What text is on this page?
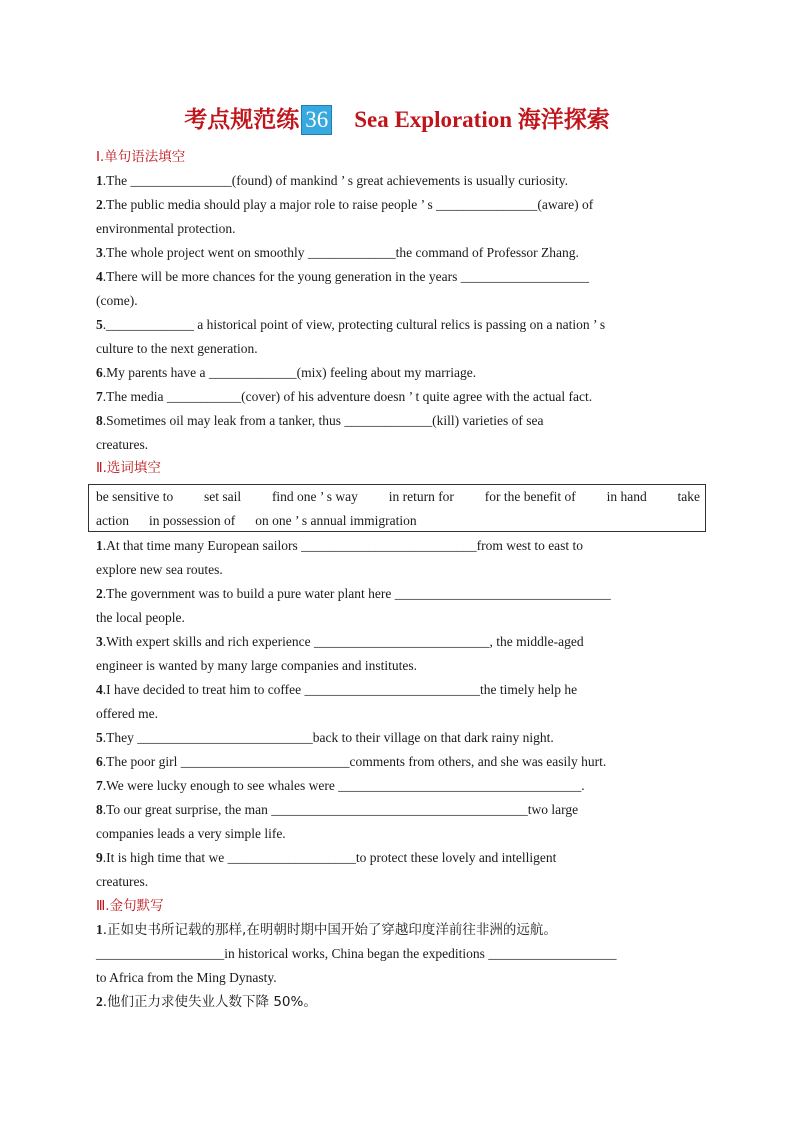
考点规范练 36 Sea Exploration 海洋探索
Ⅰ.单句语法填空
1.The _______________(found) of mankind ’ s great achievements is usually curiosity.
2.The public media should play a major role to raise people ’ s _______________(aware) of
environmental protection.
3.The whole project went on smoothly _____________the command of Professor Zhang.
4.There will be more chances for the young generation in the years ___________________
(come).
5._____________ a historical point of view, protecting cultural relics is passing on a nation ’ s
culture to the next generation.
6.My parents have a _____________(mix) feeling about my marriage.
7.The media ___________(cover) of his adventure doesn ’ t quite agree with the actual fact.
8.Sometimes oil may leak from a tanker, thus _____________(kill) varieties of sea
creatures.
Ⅱ.选词填空
be sensitive to set sail find one ’ s way in return for for the benefit of in hand take
action in possession of on one ’ s annual immigration
1.At that time many European sailors __________________________from west to east to
explore new sea routes.
2.The government was to build a pure water plant here ________________________________
the local people.
3.With expert skills and rich experience __________________________, the middle-aged
engineer is wanted by many large companies and institutes.
4.I have decided to treat him to coffee __________________________the timely help he
offered me.
5.They __________________________back to their village on that dark rainy night.
6.The poor girl _________________________comments from others, and she was easily hurt.
7.We were lucky enough to see whales were ____________________________________.
8.To our great surprise, the man ______________________________________two large
companies leads a very simple life.
9.It is high time that we ___________________to protect these lovely and intelligent
creatures.
Ⅲ.金句默写
1.正如史书所记载的那样,在明朝时期中国开始了穿越印度洋前往非洲的远航。
___________________in historical works, China began the expeditions ___________________
to Africa from the Ming Dynasty.
2.他们正力求使失业人数下降 50%。
